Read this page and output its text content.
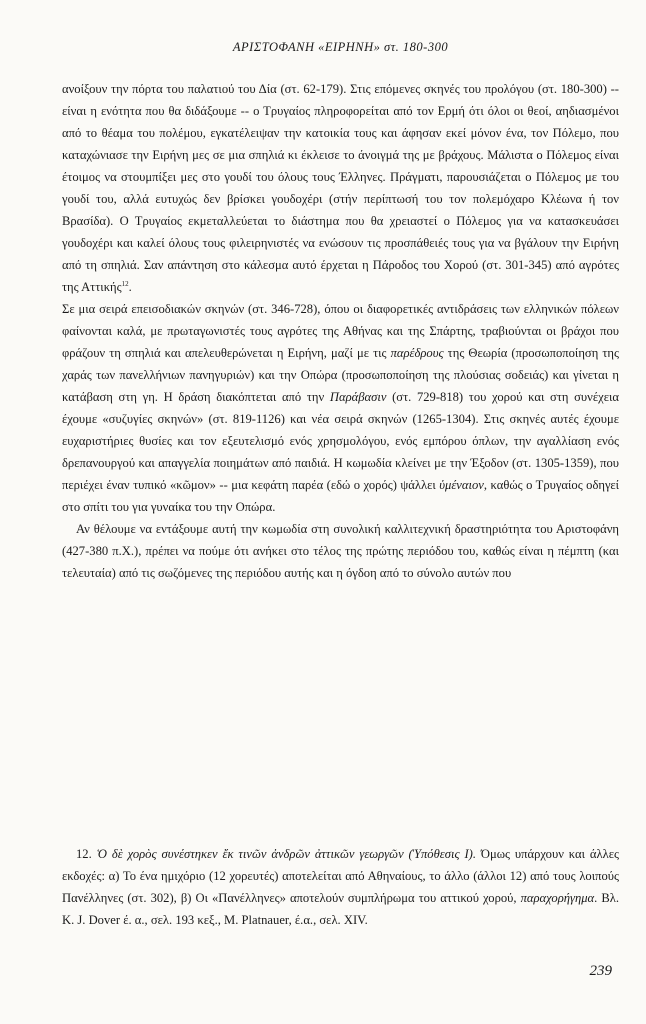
ΑΡΙΣΤΟΦΑΝΗ «ΕΙΡΗΝΗ» στ. 180-300

ανοίξουν την πόρτα του παλατιού του Δία (στ. 62-179). Στις επόμενες σκηνές του προλόγου (στ. 180-300) -- είναι η ενότητα που θα διδάξουμε -- ο Τρυγαίος πληροφορείται από τον Ερμή ότι όλοι οι θεοί, αηδιασμένοι από το θέαμα του πολέμου, εγκατέλειψαν την κατοικία τους και άφησαν εκεί μόνον ένα, τον Πόλεμο, που καταχώνιασε την Ειρήνη μες σε μια σπηλιά κι έκλεισε το άνοιγμά της με βράχους. Μάλιστα ο Πόλεμος είναι έτοιμος να στουμπίξει μες στο γουδί του όλους τους Έλληνες. Πράγματι, παρουσιάζεται ο Πόλεμος με του γουδί του, αλλά ευτυχώς δεν βρίσκει γουδοχέρι (στήν περίπτωσή του τον πολεμόχαρο Κλέωνα ή τον Βρασίδα). Ο Τρυγαίος εκμεταλλεύεται το διάστημα που θα χρειαστεί ο Πόλεμος για να κατασκευάσει γουδοχέρι και καλεί όλους τους φιλειρηνιστές να ενώσουν τις προσπάθειές τους για να βγάλουν την Ειρήνη από τη σπηλιά. Σαν απάντηση στο κάλεσμα αυτό έρχεται η Πάροδος του Χορού (στ. 301-345) από αγρότες της Αττικής$^{12}$.

Σε μια σειρά επεισοδιακών σκηνών (στ. 346-728), όπου οι διαφορετικές αντιδράσεις των ελληνικών πόλεων φαίνονται καλά, με πρωταγωνιστές τους αγρότες της Αθήνας και της Σπάρτης, τραβιούνται οι βράχοι που φράζουν τη σπηλιά και απελευθερώνεται η Ειρήνη, μαζί με τις παρέδρους της Θεωρία (προσωποποίηση της χαράς των πανελλήνιων πανηγυριών) και την Οπώρα (προσωποποίηση της πλούσιας σοδειάς) και γίνεται η κατάβαση στη γη. Η δράση διακόπτεται από την Παράβασιν (στ. 729-818) του χορού και στη συνέχεια έχουμε «συζυγίες σκηνών» (στ. 819-1126) και νέα σειρά σκηνών (1265-1304). Στις σκηνές αυτές έχουμε ευχαριστήριες θυσίες και τον εξευτελισμό ενός χρησμολόγου, ενός εμπόρου όπλων, την αγαλλίαση ενός δρεπανουργού και απαγγελία ποιημάτων από παιδιά. Η κωμωδία κλείνει με την Έξοδον (στ. 1305-1359), που περιέχει έναν τυπικό «κῶμον» -- μια κεφάτη παρέα (εδώ ο χορός) ψάλλει ὑμέναιον, καθώς ο Τρυγαίος οδηγεί στο σπίτι του για γυναίκα του την Οπώρα.

Αν θέλουμε να εντάξουμε αυτή την κωμωδία στη συνολική καλλιτεχνική δραστηριότητα του Αριστοφάνη (427-380 π.Χ.), πρέπει να πούμε ότι ανήκει στο τέλος της πρώτης περιόδου του, καθώς είναι η πέμπτη (και τελευταία) από τις σωζόμενες της περιόδου αυτής και η όγδοη από το σύνολο αυτών που

12. Ὁ δὲ χορὸς συνέστηκεν ἔκ τινῶν ἀνδρῶν ἀττικῶν γεωργῶν (Ὑπόθεσις I). Όμως υπάρχουν και άλλες εκδοχές: α) Το ένα ημιχόριο (12 χορευτές) αποτελείται από Αθηναίους, το άλλο (άλλοι 12) από τους λοιπούς Πανέλληνες (στ. 302), β) Οι «Πανέλληνες» αποτελούν συμπλήρωμα του αττικού χορού, παραχορήγημα. Βλ. K. J. Dover έ. α., σελ. 193 κεξ., M. Platnauer, έ.α., σελ. XIV.

239
